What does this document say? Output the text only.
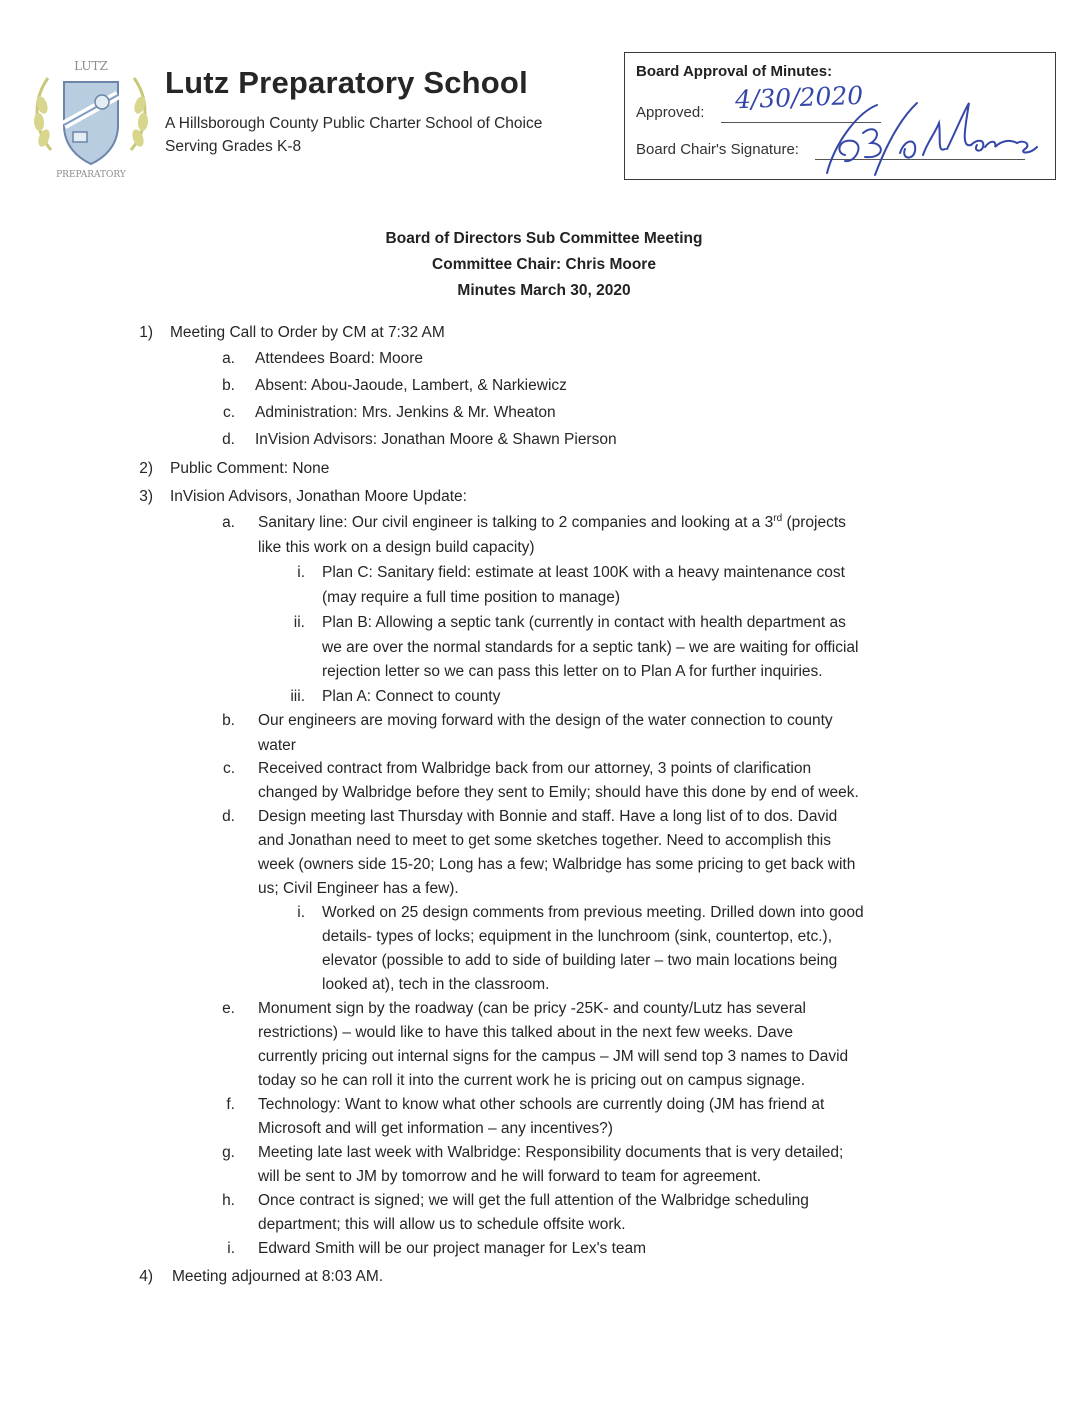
LUTZ
PREPARATORY
Lutz Preparatory School
A Hillsborough County Public Charter School of Choice
Serving Grades K-8
Board Approval of Minutes:
Approved: 4/30/2020
Board Chair's Signature:
Board of Directors Sub Committee Meeting
Committee Chair: Chris Moore
Minutes March 30, 2020
1) Meeting Call to Order by CM at 7:32 AM
a. Attendees Board: Moore
b. Absent: Abou-Jaoude, Lambert, & Narkiewicz
c. Administration: Mrs. Jenkins & Mr. Wheaton
d. InVision Advisors: Jonathan Moore & Shawn Pierson
2) Public Comment: None
3) InVision Advisors, Jonathan Moore Update:
a. Sanitary line: Our civil engineer is talking to 2 companies and looking at a 3rd (projects
like this work on a design build capacity)
i. Plan C: Sanitary field: estimate at least 100K with a heavy maintenance cost
(may require a full time position to manage)
ii. Plan B: Allowing a septic tank (currently in contact with health department as
we are over the normal standards for a septic tank) – we are waiting for official
rejection letter so we can pass this letter on to Plan A for further inquiries.
iii. Plan A: Connect to county
b. Our engineers are moving forward with the design of the water connection to county
water
c. Received contract from Walbridge back from our attorney, 3 points of clarification
changed by Walbridge before they sent to Emily; should have this done by end of week.
d. Design meeting last Thursday with Bonnie and staff. Have a long list of to dos. David
and Jonathan need to meet to get some sketches together. Need to accomplish this
week (owners side 15-20; Long has a few; Walbridge has some pricing to get back with
us; Civil Engineer has a few).
i. Worked on 25 design comments from previous meeting. Drilled down into good
details- types of locks; equipment in the lunchroom (sink, countertop, etc.),
elevator (possible to add to side of building later – two main locations being
looked at), tech in the classroom.
e. Monument sign by the roadway (can be pricy -25K- and county/Lutz has several
restrictions) – would like to have this talked about in the next few weeks. Dave
currently pricing out internal signs for the campus – JM will send top 3 names to David
today so he can roll it into the current work he is pricing out on campus signage.
f. Technology: Want to know what other schools are currently doing (JM has friend at
Microsoft and will get information – any incentives?)
g. Meeting late last week with Walbridge: Responsibility documents that is very detailed;
will be sent to JM by tomorrow and he will forward to team for agreement.
h. Once contract is signed; we will get the full attention of the Walbridge scheduling
department; this will allow us to schedule offsite work.
i. Edward Smith will be our project manager for Lex's team
4) Meeting adjourned at 8:03 AM.
